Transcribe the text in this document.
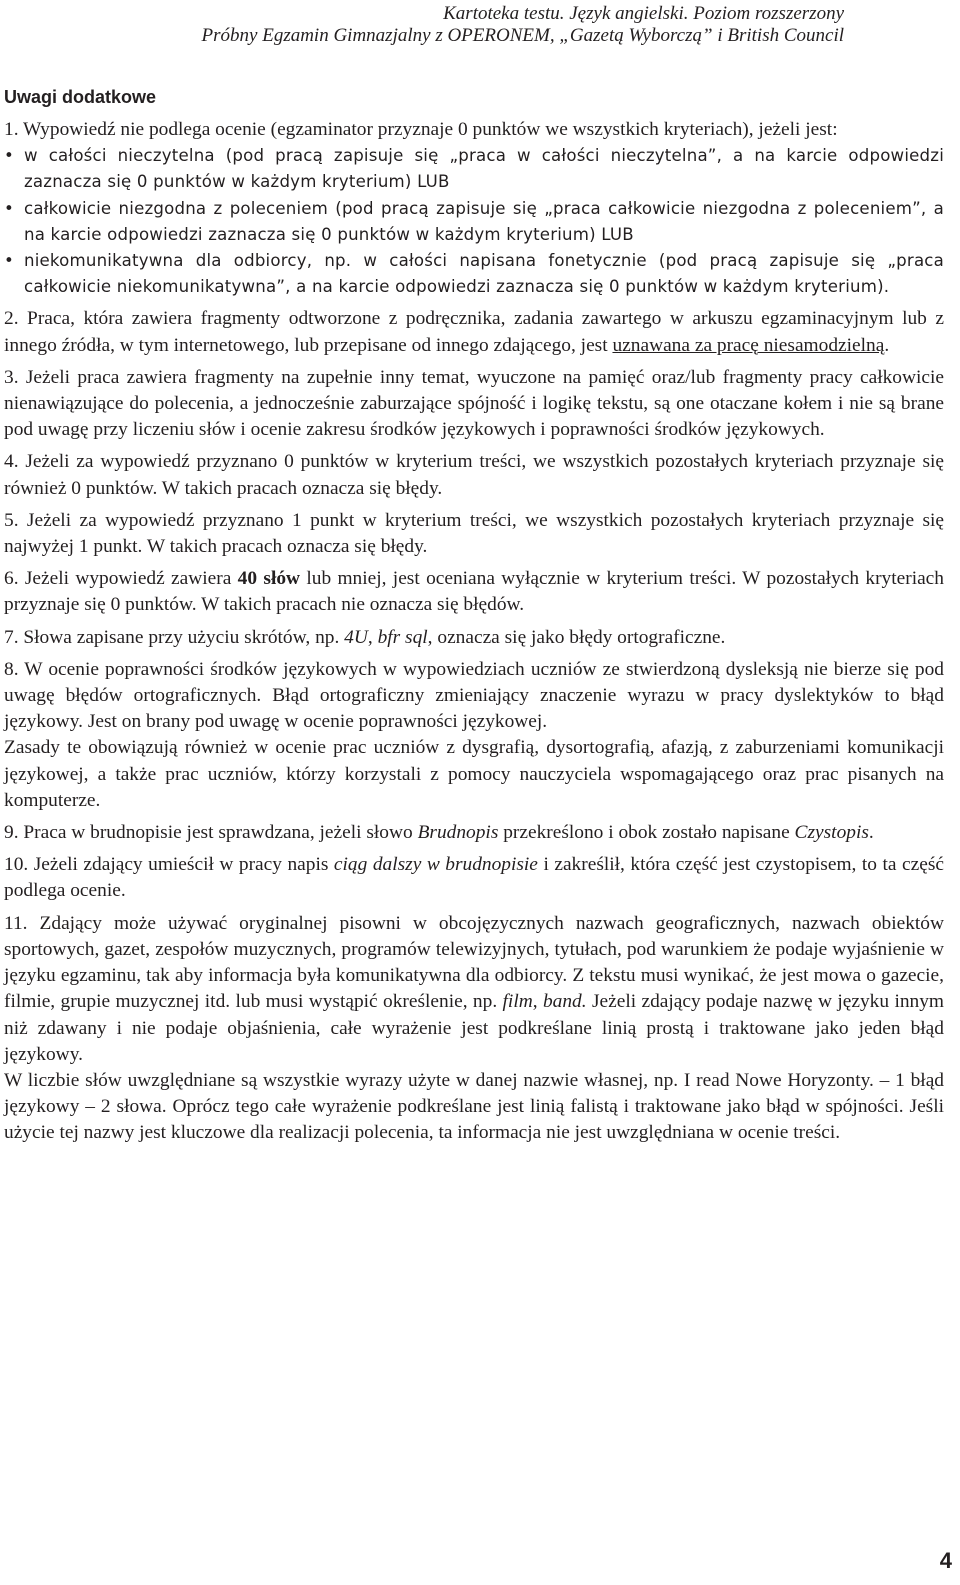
Kartoteka testu. Język angielski. Poziom rozszerzony
Próbny Egzamin Gimnazjalny z OPERONEM, „Gazetą Wyborczą” i British Council
Uwagi dodatkowe
1. Wypowiedź nie podlega ocenie (egzaminator przyznaje 0 punktów we wszystkich kryteriach), jeżeli jest:
• w całości nieczytelna (pod pracą zapisuje się „praca w całości nieczytelna”, a na karcie odpowiedzi zaznacza się 0 punktów w każdym kryterium) LUB
• całkowicie niezgodna z poleceniem (pod pracą zapisuje się „praca całkowicie niezgodna z poleceniem”, a na karcie odpowiedzi zaznacza się 0 punktów w każdym kryterium) LUB
• niekomunikatywna dla odbiorcy, np. w całości napisana fonetycznie (pod pracą zapisuje się „praca całkowicie niekomunikatywna”, a na karcie odpowiedzi zaznacza się 0 punktów w każdym kryterium).
2. Praca, która zawiera fragmenty odtworzone z podręcznika, zadania zawartego w arkuszu egzaminacyjnym lub z innego źródła, w tym internetowego, lub przepisane od innego zdającego, jest uznawana za pracę niesamodzielną.
3. Jeżeli praca zawiera fragmenty na zupełnie inny temat, wyuczone na pamięć oraz/lub fragmenty pracy całkowicie nienawiązujące do polecenia, a jednocześnie zaburzające spójność i logikę tekstu, są one otaczane kołem i nie są brane pod uwagę przy liczeniu słów i ocenie zakresu środków językowych i poprawności środków językowych.
4. Jeżeli za wypowiedź przyznano 0 punktów w kryterium treści, we wszystkich pozostałych kryteriach przyznaje się również 0 punktów. W takich pracach oznacza się błędy.
5. Jeżeli za wypowiedź przyznano 1 punkt w kryterium treści, we wszystkich pozostałych kryteriach przyznaje się najwyżej 1 punkt. W takich pracach oznacza się błędy.
6. Jeżeli wypowiedź zawiera 40 słów lub mniej, jest oceniana wyłącznie w kryterium treści. W pozostałych kryteriach przyznaje się 0 punktów. W takich pracach nie oznacza się błędów.
7. Słowa zapisane przy użyciu skrótów, np. 4U, bfr sql, oznacza się jako błędy ortograficzne.
8. W ocenie poprawności środków językowych w wypowiedziach uczniów ze stwierdzoną dysleksją nie bierze się pod uwagę błędów ortograficznych. Błąd ortograficzny zmieniający znaczenie wyrazu w pracy dyslektyków to błąd językowy. Jest on brany pod uwagę w ocenie poprawności językowej.
Zasady te obowiązują również w ocenie prac uczniów z dysgrafią, dysortografią, afazją, z zaburzeniami komunikacji językowej, a także prac uczniów, którzy korzystali z pomocy nauczyciela wspomagającego oraz prac pisanych na komputerze.
9. Praca w brudnopisie jest sprawdzana, jeżeli słowo Brudnopis przekreślono i obok zostało napisane Czystopis.
10. Jeżeli zdający umieścił w pracy napis ciąg dalszy w brudnopisie i zakreślił, która część jest czystopisem, to ta część podlega ocenie.
11. Zdający może używać oryginalnej pisowni w obcojęzycznych nazwach geograficznych, nazwach obiektów sportowych, gazet, zespołów muzycznych, programów telewizyjnych, tytułach, pod warunkiem że podaje wyjaśnienie w języku egzaminu, tak aby informacja była komunikatywna dla odbiorcy. Z tekstu musi wynikać, że jest mowa o gazecie, filmie, grupie muzycznej itd. lub musi wystąpić określenie, np. film, band. Jeżeli zdający podaje nazwę w języku innym niż zdawany i nie podaje objaśnienia, całe wyrażenie jest podkreślane linią prostą i traktowane jako jeden błąd językowy.
W liczbie słów uwzględniane są wszystkie wyrazy użyte w danej nazwie własnej, np. I read Nowe Horyzonty. – 1 błąd językowy – 2 słowa. Oprócz tego całe wyrażenie podkreślane jest linią falistą i traktowane jako błąd w spójności. Jeśli użycie tej nazwy jest kluczowe dla realizacji polecenia, ta informacja nie jest uwzględniana w ocenie treści.
4
